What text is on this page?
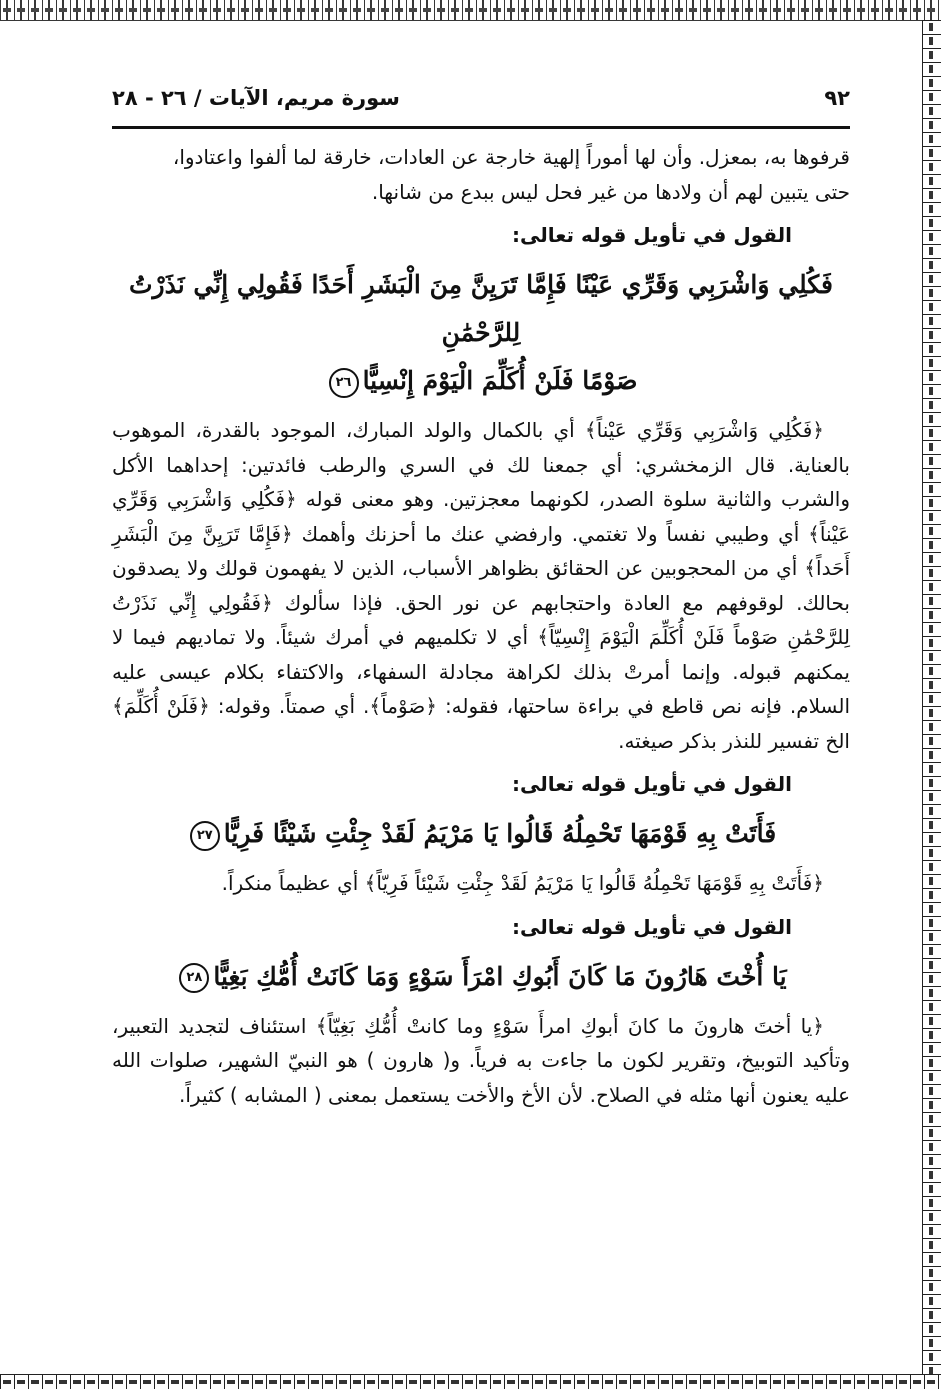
٩٢
سورة مريم، الآيات / ٢٦ - ٢٨

قرفوها به، بمعزل. وأن لها أموراً إلهية خارجة عن العادات، خارقة لما ألفوا واعتادوا،

حتى يتبين لهم أن ولادها من غير فحل ليس ببدع من شانها.

القول في تأويل قوله تعالى:
فَكُلِي وَاشْرَبِي وَقَرِّي عَيْنًا فَإِمَّا تَرَيِنَّ مِنَ الْبَشَرِ أَحَدًا فَقُولِي إِنِّي نَذَرْتُ لِلرَّحْمَٰنِ
صَوْمًا فَلَنْ أُكَلِّمَ الْيَوْمَ إِنْسِيًّا٢٦

﴿فَكُلِي وَاشْرَبِي وَقَرِّي عَيْناً﴾ أي بالكمال والولد المبارك، الموجود بالقدرة، الموهوب بالعناية. قال الزمخشري: أي جمعنا لك في السري والرطب فائدتين: إحداهما الأكل والشرب والثانية سلوة الصدر، لكونهما معجزتين. وهو معنى قوله ﴿فَكُلِي وَاشْرَبِي وَقَرِّي عَيْناً﴾ أي وطيبي نفساً ولا تغتمي. وارفضي عنك ما أحزنك وأهمك ﴿فَإِمَّا تَرَيِنَّ مِنَ الْبَشَرِ أَحَداً﴾ أي من المحجوبين عن الحقائق بظواهر الأسباب، الذين لا يفهمون قولك ولا يصدقون بحالك. لوقوفهم مع العادة واحتجابهم عن نور الحق. فإذا سألوك ﴿فَقُولِي إِنِّي نَذَرْتُ لِلرَّحْمَٰنِ صَوْماً فَلَنْ أُكَلِّمَ الْيَوْمَ إِنْسِيّاً﴾ أي لا تكلميهم في أمرك شيئاً. ولا تماديهم فيما لا يمكنهم قبوله. وإنما أمرتْ بذلك لكراهة مجادلة السفهاء، والاكتفاء بكلام عيسى عليه السلام. فإنه نص قاطع في براءة ساحتها، فقوله: ﴿صَوْماً﴾. أي صمتاً. وقوله: ﴿فَلَنْ أُكَلِّمَ﴾ الخ تفسير للنذر بذكر صيغته.

القول في تأويل قوله تعالى:
فَأَتَتْ بِهِ قَوْمَهَا تَحْمِلُهُ قَالُوا يَا مَرْيَمُ لَقَدْ جِئْتِ شَيْئًا فَرِيًّا٢٧

﴿فَأَتَتْ بِهِ قَوْمَهَا تَحْمِلُهُ قَالُوا يَا مَرْيَمُ لَقَدْ جِئْتِ شَيْئاً فَرِيّاً﴾ أي عظيماً منكراً.

القول في تأويل قوله تعالى:
يَا أُخْتَ هَارُونَ مَا كَانَ أَبُوكِ امْرَأَ سَوْءٍ وَمَا كَانَتْ أُمُّكِ بَغِيًّا٢٨

﴿يا أختَ هارونَ ما كانَ أبوكِ امرأَ سَوْءٍ وما كانتْ أُمُّكِ بَغِيّاً﴾ استئناف لتجديد التعبير، وتأكيد التوبيخ، وتقرير لكون ما جاءت به فرياً. و( هارون ) هو النبيّ الشهير، صلوات الله عليه يعنون أنها مثله في الصلاح. لأن الأخ والأخت يستعمل بمعنى ( المشابه ) كثيراً.
